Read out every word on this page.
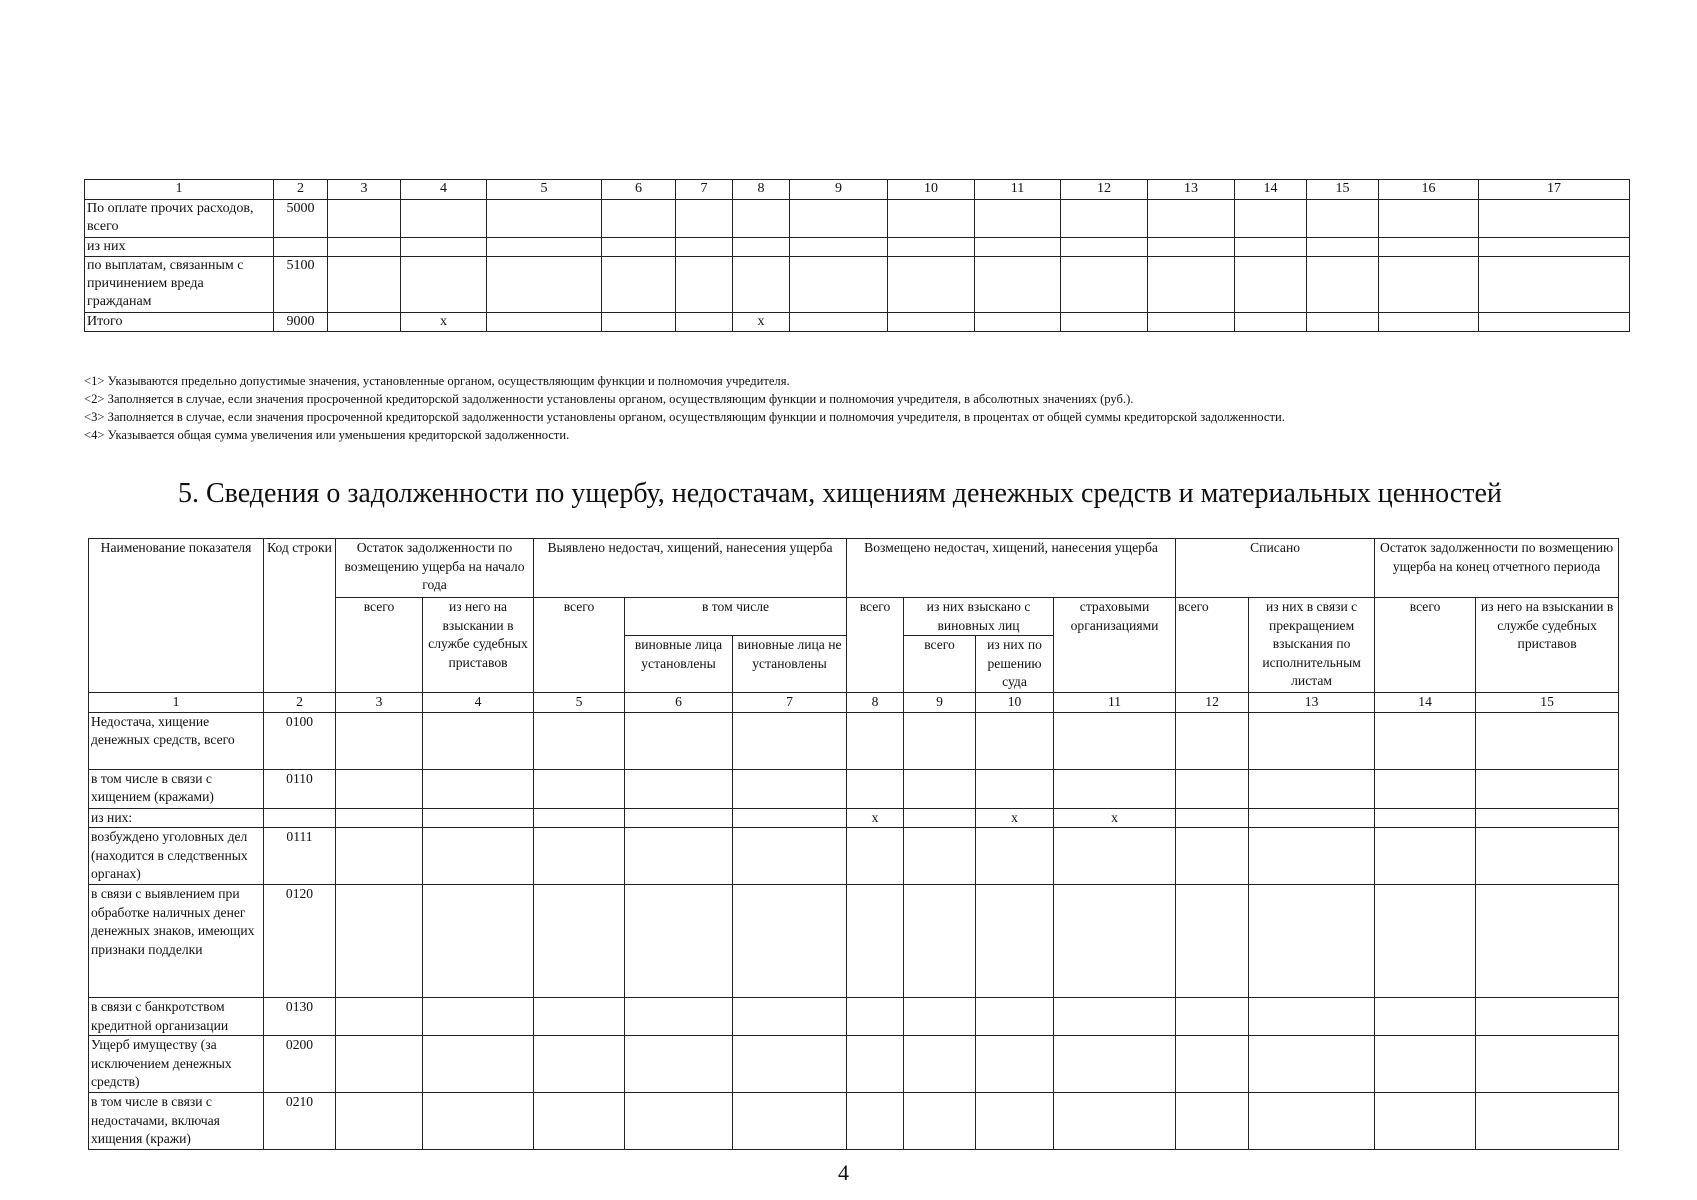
1	2	3	4	5	6	7	8	9	10	11	12	13	14	15	16	17
По оплате прочих расходов, всего	5000															
из них																
по выплатам, связанным с причинением вреда гражданам	5100															
Итого	9000		x				x									
<1> Указываются предельно допустимые значения, установленные органом, осуществляющим функции и полномочия учредителя.
<2> Заполняется в случае, если значения просроченной кредиторской задолженности установлены органом, осуществляющим функции и полномочия учредителя, в абсолютных значениях (руб.).
<3> Заполняется в случае, если значения просроченной кредиторской задолженности установлены органом, осуществляющим функции и полномочия учредителя, в процентах от общей суммы кредиторской задолженности.
<4> Указывается общая сумма увеличения или уменьшения кредиторской задолженности.
5. Сведения о задолженности по ущербу, недостачам, хищениям денежных средств и материальных ценностей
Наименование показателя	Код строки	Остаток задолженности по возмещению ущерба на начало года		Выявлено недостач, хищений, нанесения ущерба			Возмещено недостач, хищений, нанесения ущерба				Списано		Остаток задолженности по возмещению ущерба на конец отчетного периода	
		всего	из него на взыскании в службе судебных приставов	всего	в том числе		всего	из них взыскано с виновных лиц		страховыми организациями	всего	из них в связи с прекращением взыскания по исполнительным листам	всего	из него на взыскании в службе судебных приставов
					виновные лица установлены	виновные лица не установлены		всего	из них по решению суда					
1	2	3	4	5	6	7	8	9	10	11	12	13	14	15
Недостача, хищение денежных средств, всего	0100													
в том числе в связи с хищением (кражами)	0110													
из них:							x		x	x				
возбуждено уголовных дел (находится в следственных органах)	0111													
в связи с выявлением при обработке наличных денег денежных знаков, имеющих признаки подделки	0120													
в связи с банкротством кредитной организации	0130													
Ущерб имуществу (за исключением денежных средств)	0200													
в том числе в связи с недостачами, включая хищения (кражи)	0210													
4
